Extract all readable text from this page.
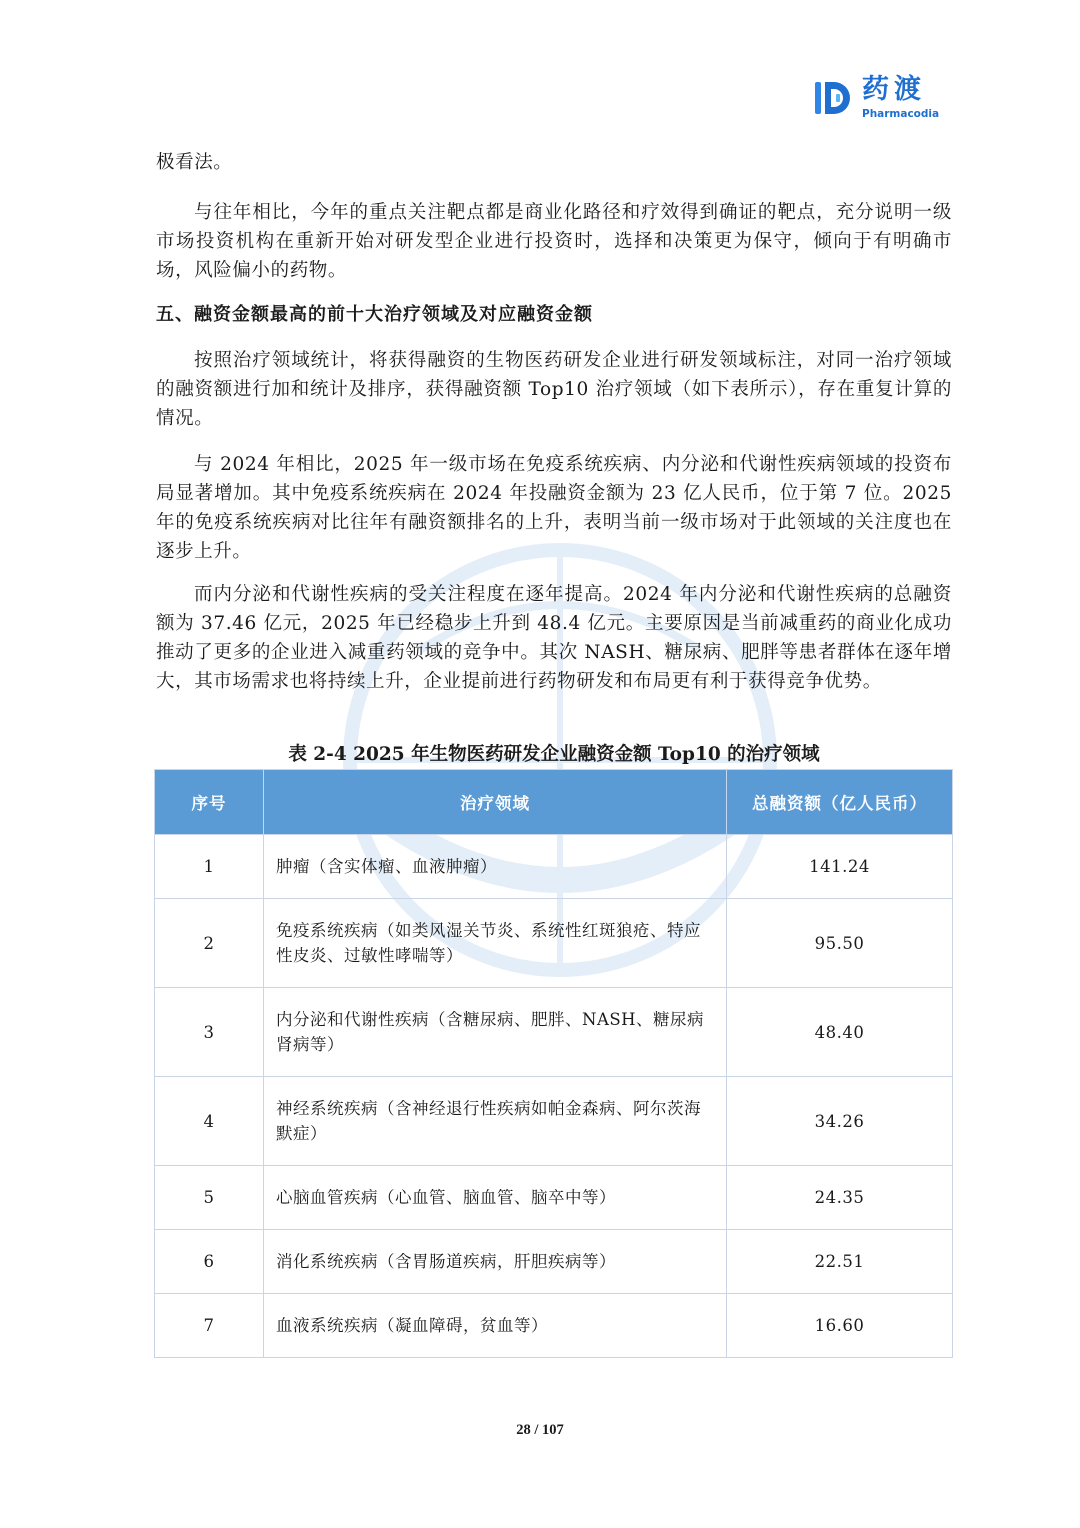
药渡
Pharmacodia

极看法。

与往年相比，今年的重点关注靶点都是商业化路径和疗效得到确证的靶点，充分说明一级市场投资机构在重新开始对研发型企业进行投资时，选择和决策更为保守，倾向于有明确市场，风险偏小的药物。

五、融资金额最高的前十大治疗领域及对应融资金额

按照治疗领域统计，将获得融资的生物医药研发企业进行研发领域标注，对同一治疗领域的融资额进行加和统计及排序，获得融资额 Top10 治疗领域（如下表所示），存在重复计算的情况。

与 2024 年相比，2025 年一级市场在免疫系统疾病、内分泌和代谢性疾病领域的投资布局显著增加。其中免疫系统疾病在 2024 年投融资金额为 23 亿人民币，位于第 7 位。2025 年的免疫系统疾病对比往年有融资额排名的上升，表明当前一级市场对于此领域的关注度也在逐步上升。

而内分泌和代谢性疾病的受关注程度在逐年提高。2024 年内分泌和代谢性疾病的总融资额为 37.46 亿元，2025 年已经稳步上升到 48.4 亿元。主要原因是当前减重药的商业化成功推动了更多的企业进入减重药领域的竞争中。其次 NASH、糖尿病、肥胖等患者群体在逐年增大，其市场需求也将持续上升，企业提前进行药物研发和布局更有利于获得竞争优势。

表 2-4 2025 年生物医药研发企业融资金额 Top10 的治疗领域

序号	治疗领域	总融资额（亿人民币）
1	肿瘤（含实体瘤、血液肿瘤）	141.24
2	免疫系统疾病（如类风湿关节炎、系统性红斑狼疮、特应性皮炎、过敏性哮喘等）	95.50
3	内分泌和代谢性疾病（含糖尿病、肥胖、NASH、糖尿病肾病等）	48.40
4	神经系统疾病（含神经退行性疾病如帕金森病、阿尔茨海默症）	34.26
5	心脑血管疾病（心血管、脑血管、脑卒中等）	24.35
6	消化系统疾病（含胃肠道疾病，肝胆疾病等）	22.51
7	血液系统疾病（凝血障碍，贫血等）	16.60
28 / 107
